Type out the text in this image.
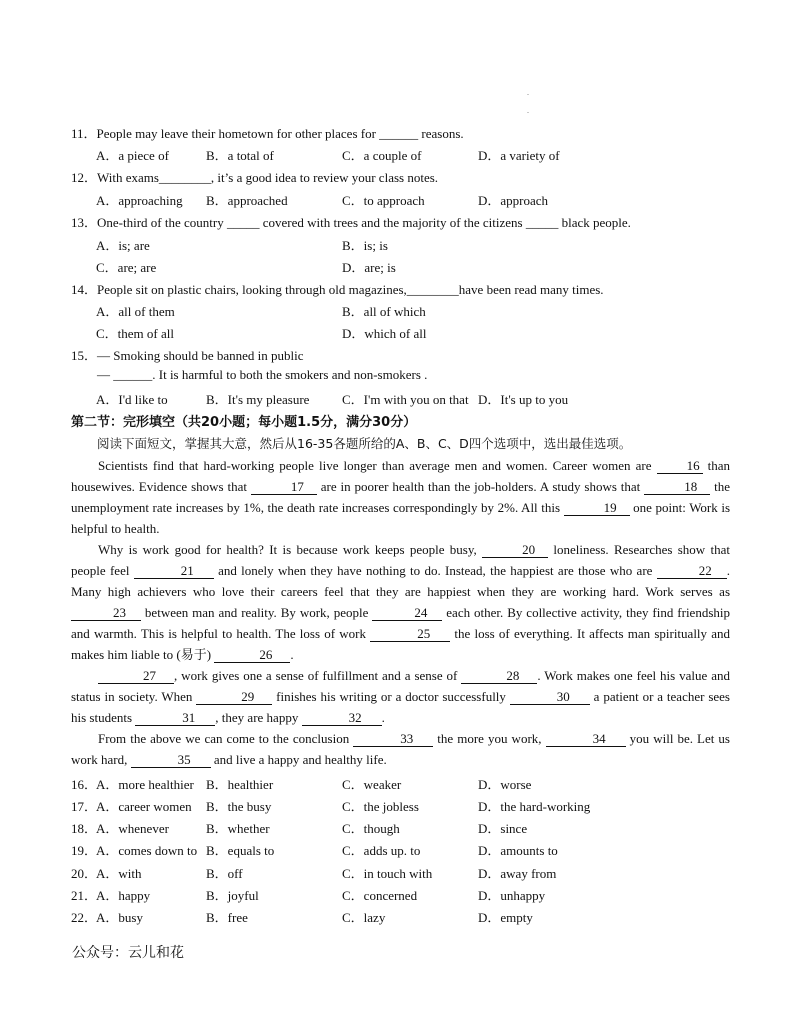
.
.
11．People may leave their hometown for other places for ______ reasons.
A．a piece of	B．a total of	C．a couple of	D．a variety of
12．With exams________, it’s a good idea to review your class notes.
A．approaching B．approached	C．to approach	D．approach
13．One-third of the country _____ covered with trees and the majority of the citizens _____ black people.
A．is; are	B．is; is
C．are; are	D．are; is
14．People sit on plastic chairs, looking through old magazines,________have been read many times.
A．all of them	B．all of which
C．them of all	D．which of all
15．— Smoking should be banned in public
— ______. It is harmful to both the smokers and non-smokers .
A．I'd like to	B．It's my pleasure	C．I'm with you on that D．It's up to you
第二节：完形填空（共20小题；每小题1.5分，满分30分）
阅读下面短文，掌握其大意，然后从16-35各题所给的A、B、C、D四个选项中，选出最佳选项。

Scientists find that hard-working people live longer than average men and women. Career women are 16 than housewives. Evidence shows that	17 are in poorer health than the job-holders. A study shows that	18 the unemployment rate increases by 1%, the death rate increases correspondingly by 2%. All this	19 one point: Work is helpful to health.

Why is work good for health? It is because work keeps people busy,	20 loneliness. Researches show that people feel	21 and lonely when they have nothing to do. Instead, the happiest are those who are	22 . Many high achievers who love their careers feel that they are happiest when they are working hard. Work serves as 23 between man and reality. By work, people	24 each other. By collective activity, they find friendship and warmth. This is helpful to health. The loss of work	25 the loss of everything. It affects man spiritually and makes him liable to (易于)	26 .

27 , work gives one a sense of fulfillment and a sense of	28 . Work makes one feel his value and status in society. When	29 finishes his writing or a doctor successfully	30 a patient or a teacher sees his students	31 , they are happy	32 .

From the above we can come to the conclusion	33 the more you work,	34 you will be. Let us work hard,	35 and live a happy and healthy life.

16．
A．more healthier B．healthier	C．weaker	D．worse
17．
A．career women B．the busy	C．the jobless	D．the hard-working
18．
A．whenever	B．whether	C．though	D．since
19．
A．comes down to B．equals to	C．adds up. to	D．amounts to
20．
A．with	B．off	C．in touch with	D．away from
21．
A．happy	B．joyful	C．concerned	D．unhappy
22．
A．busy	B．free	C．lazy	D．empty
公众号：云儿和花
